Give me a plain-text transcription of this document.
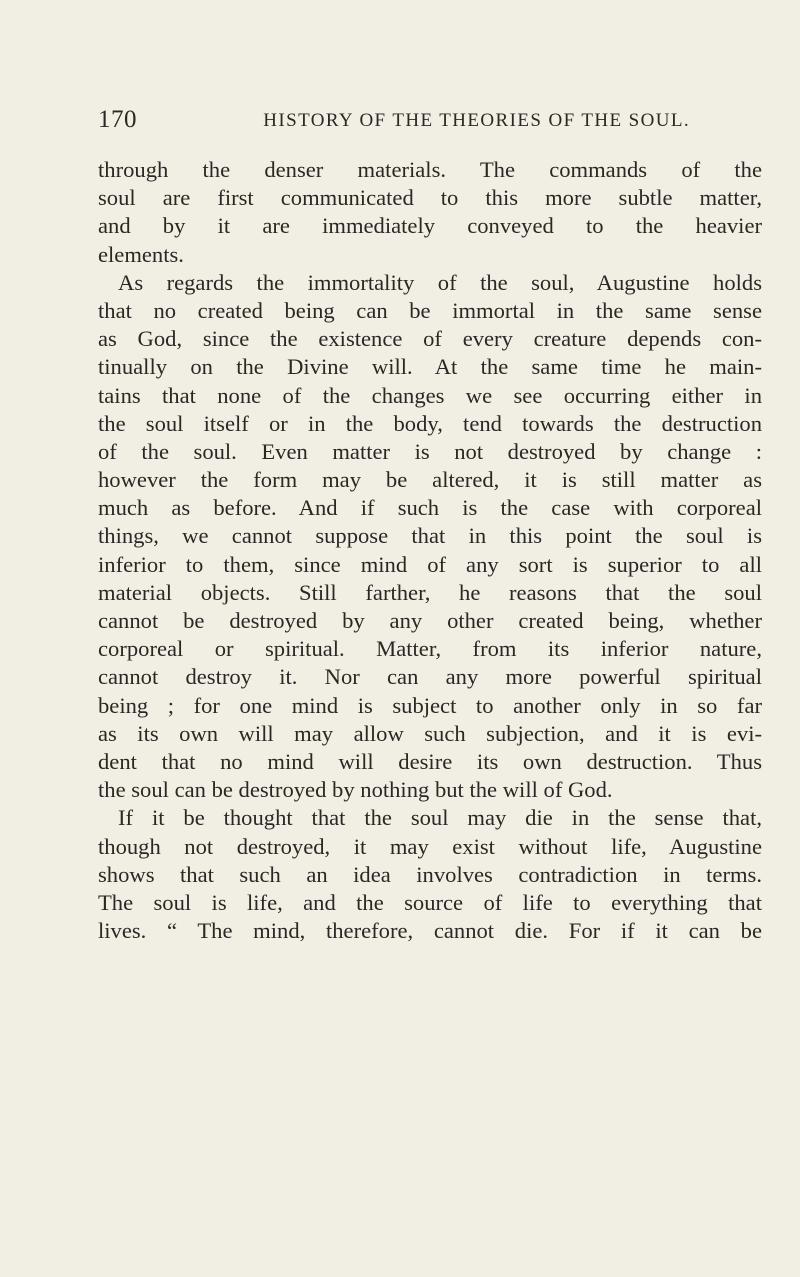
170	HISTORY OF THE THEORIES OF THE SOUL.
through the denser materials. The commands of the
soul are first communicated to this more subtle matter,
and by it are immediately conveyed to the heavier
elements.
As regards the immortality of the soul, Augustine holds
that no created being can be immortal in the same sense
as God, since the existence of every creature depends con-
tinually on the Divine will. At the same time he main-
tains that none of the changes we see occurring either in
the soul itself or in the body, tend towards the destruction
of the soul. Even matter is not destroyed by change :
however the form may be altered, it is still matter as
much as before. And if such is the case with corporeal
things, we cannot suppose that in this point the soul is
inferior to them, since mind of any sort is superior to all
material objects. Still farther, he reasons that the soul
cannot be destroyed by any other created being, whether
corporeal or spiritual. Matter, from its inferior nature,
cannot destroy it. Nor can any more powerful spiritual
being ; for one mind is subject to another only in so far
as its own will may allow such subjection, and it is evi-
dent that no mind will desire its own destruction. Thus
the soul can be destroyed by nothing but the will of God.
If it be thought that the soul may die in the sense that,
though not destroyed, it may exist without life, Augustine
shows that such an idea involves contradiction in terms.
The soul is life, and the source of life to everything that
lives. “ The mind, therefore, cannot die. For if it can be
